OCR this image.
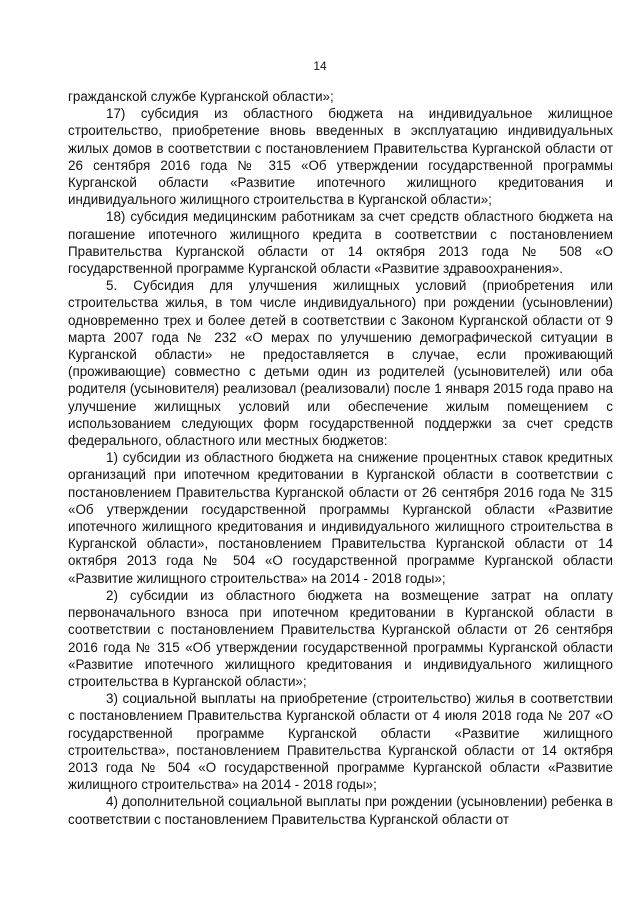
14

гражданской службе Курганской области»;

17) субсидия из областного бюджета на индивидуальное жилищное строительство, приобретение вновь введенных в эксплуатацию индивидуальных жилых домов в соответствии с постановлением Правительства Курганской области от 26 сентября 2016 года № 315 «Об утверждении государственной программы Курганской области «Развитие ипотечного жилищного кредитования и индивидуального жилищного строительства в Курганской области»;

18) субсидия медицинским работникам за счет средств областного бюджета на погашение ипотечного жилищного кредита в соответствии с постановлением Правительства Курганской области от 14 октября 2013 года № 508 «О государственной программе Курганской области «Развитие здравоохранения».

5. Субсидия для улучшения жилищных условий (приобретения или строительства жилья, в том числе индивидуального) при рождении (усыновлении) одновременно трех и более детей в соответствии с Законом Курганской области от 9 марта 2007 года № 232 «О мерах по улучшению демографической ситуации в Курганской области» не предоставляется в случае, если проживающий (проживающие) совместно с детьми один из родителей (усыновителей) или оба родителя (усыновителя) реализовал (реализовали) после 1 января 2015 года право на улучшение жилищных условий или обеспечение жилым помещением с использованием следующих форм государственной поддержки за счет средств федерального, областного или местных бюджетов:

1) субсидии из областного бюджета на снижение процентных ставок кредитных организаций при ипотечном кредитовании в Курганской области в соответствии с постановлением Правительства Курганской области от 26 сентября 2016 года № 315 «Об утверждении государственной программы Курганской области «Развитие ипотечного жилищного кредитования и индивидуального жилищного строительства в Курганской области», постановлением Правительства Курганской области от 14 октября 2013 года № 504 «О государственной программе Курганской области «Развитие жилищного строительства» на 2014 - 2018 годы»;

2) субсидии из областного бюджета на возмещение затрат на оплату первоначального взноса при ипотечном кредитовании в Курганской области в соответствии с постановлением Правительства Курганской области от 26 сентября 2016 года № 315 «Об утверждении государственной программы Курганской области «Развитие ипотечного жилищного кредитования и индивидуального жилищного строительства в Курганской области»;

3) социальной выплаты на приобретение (строительство) жилья в соответствии с постановлением Правительства Курганской области от 4 июля 2018 года № 207 «О государственной программе Курганской области «Развитие жилищного строительства», постановлением Правительства Курганской области от 14 октября 2013 года № 504 «О государственной программе Курганской области «Развитие жилищного строительства» на 2014 - 2018 годы»;

4) дополнительной социальной выплаты при рождении (усыновлении) ребенка в соответствии с постановлением Правительства Курганской области от
